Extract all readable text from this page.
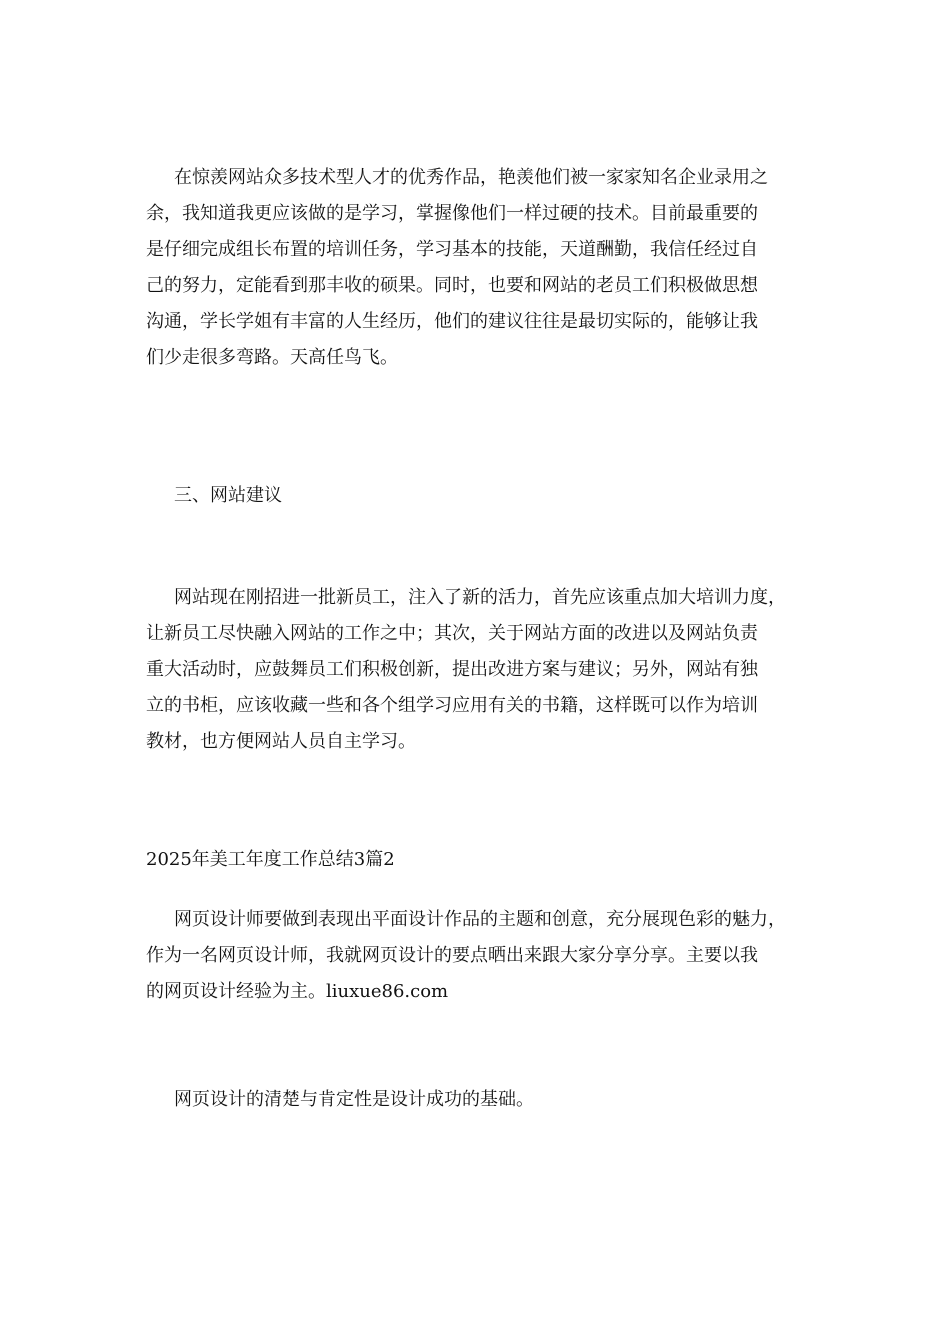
在惊羡网站众多技术型人才的优秀作品，艳羡他们被一家家知名企业录用之
余，我知道我更应该做的是学习，掌握像他们一样过硬的技术。目前最重要的
是仔细完成组长布置的培训任务，学习基本的技能，天道酬勤，我信任经过自
己的努力，定能看到那丰收的硕果。同时，也要和网站的老员工们积极做思想
沟通，学长学姐有丰富的人生经历，他们的建议往往是最切实际的，能够让我
们少走很多弯路。天高任鸟飞。

三、网站建议

网站现在刚招进一批新员工，注入了新的活力，首先应该重点加大培训力度，
让新员工尽快融入网站的工作之中；其次，关于网站方面的改进以及网站负责
重大活动时，应鼓舞员工们积极创新，提出改进方案与建议；另外，网站有独
立的书柜，应该收藏一些和各个组学习应用有关的书籍，这样既可以作为培训
教材，也方便网站人员自主学习。

2025年美工年度工作总结3篇2

网页设计师要做到表现出平面设计作品的主题和创意，充分展现色彩的魅力，
作为一名网页设计师，我就网页设计的要点晒出来跟大家分享分享。主要以我
的网页设计经验为主。liuxue86.com

网页设计的清楚与肯定性是设计成功的基础。
